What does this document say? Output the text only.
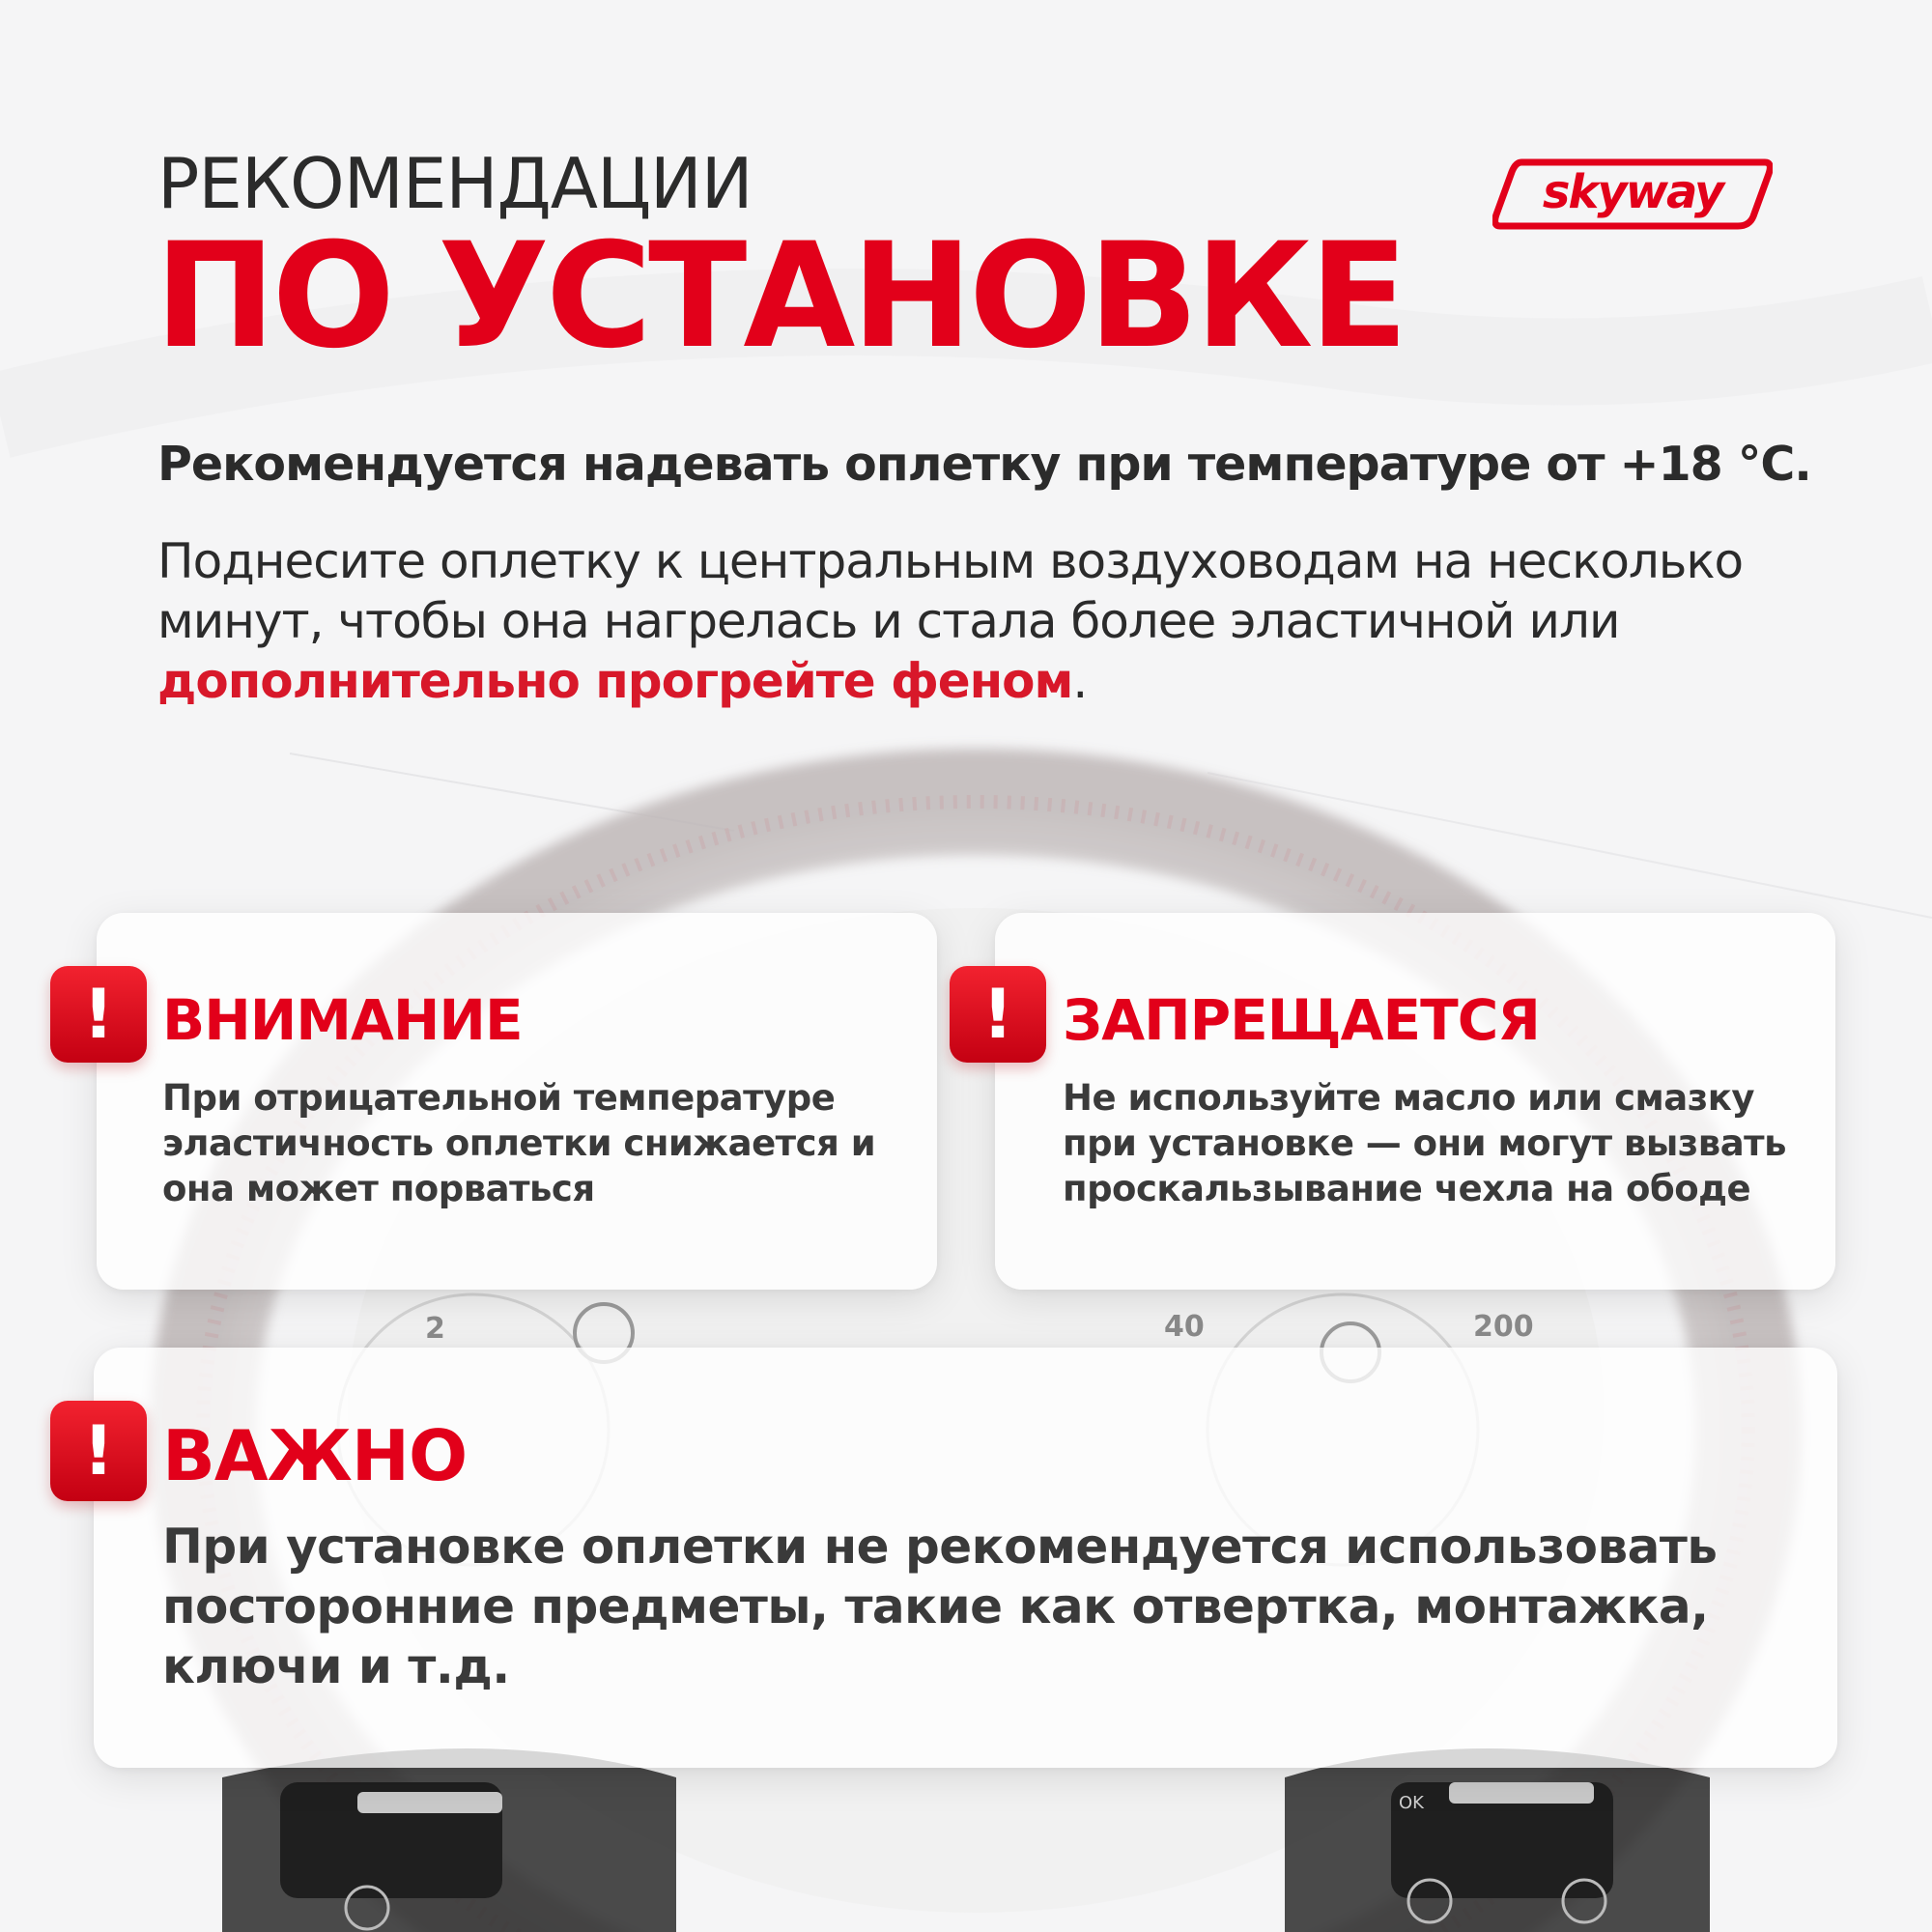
2	40	200
OK
РЕКОМЕНДАЦИИ
ПО УСТАНОВКЕ
skyway
Рекомендуется надевать оплетку при температуре от +18 °C.
Поднесите оплетку к центральным воздуховодам на несколько минут, чтобы она нагрелась и стала более эластичной или дополнительно прогрейте феном.
! ВНИМАНИЕ
При отрицательной температуре эластичность оплетки снижается и она может порваться
! ЗАПРЕЩАЕТСЯ
Не используйте масло или смазку при установке — они могут вызвать проскальзывание чехла на ободе
! ВАЖНО
При установке оплетки не рекомендуется использовать посторонние предметы, такие как отвертка, монтажка, ключи и т.д.
